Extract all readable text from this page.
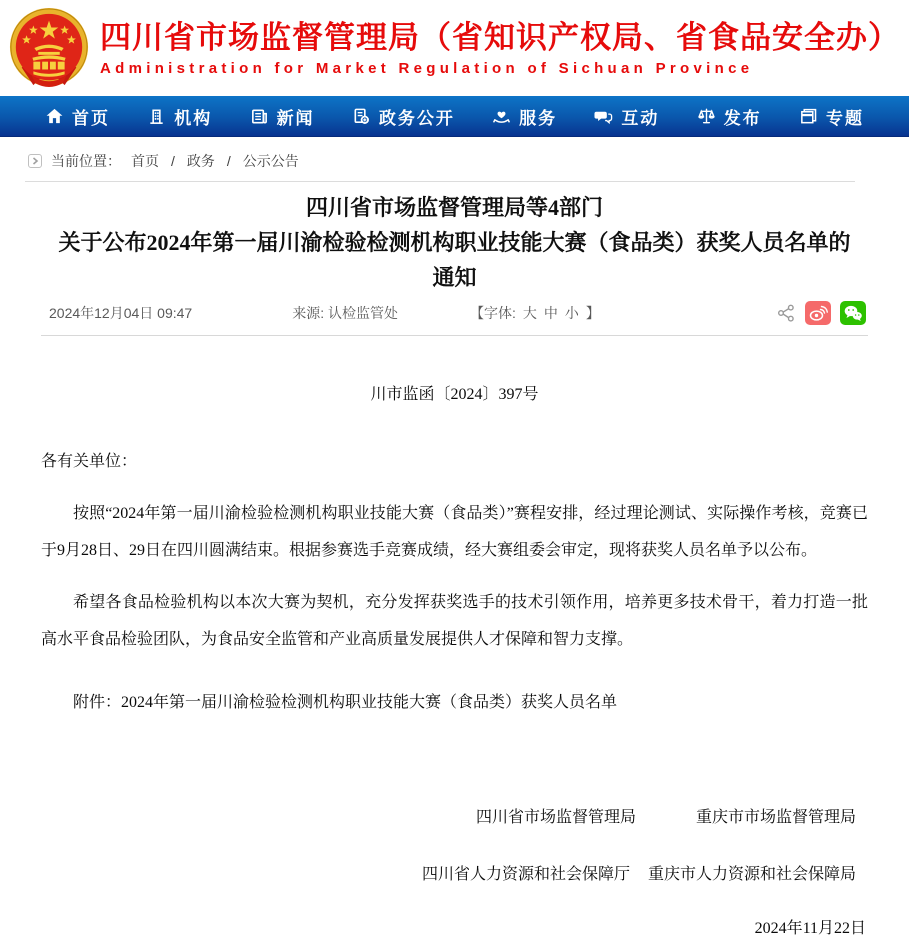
四川省市场监督管理局（省知识产权局、省食品安全办）
Administration for Market Regulation of Sichuan Province
首页	机构	新闻	政务公开	服务	互动	发布	专题
当前位置： 首页 / 政务 / 公示公告
四川省市场监督管理局等4部门
关于公布2024年第一届川渝检验检测机构职业技能大赛（食品类）获奖人员名单的
通知
2024年12月04日 09:47	来源: 认检监管处	【字体: 大 中 小 】
川市监函〔2024〕397号
各有关单位：
按照“2024年第一届川渝检验检测机构职业技能大赛（食品类）”赛程安排，经过理论测试、实际操作考核，竞赛已于9月28日、29日在四川圆满结束。根据参赛选手竞赛成绩，经大赛组委会审定，现将获奖人员名单予以公布。
希望各食品检验机构以本次大赛为契机，充分发挥获奖选手的技术引领作用，培养更多技术骨干，着力打造一批高水平食品检验团队，为食品安全监管和产业高质量发展提供人才保障和智力支撑。
附件：2024年第一届川渝检验检测机构职业技能大赛（食品类）获奖人员名单
四川省市场监督管理局	重庆市市场监督管理局
四川省人力资源和社会保障厅 重庆市人力资源和社会保障局
2024年11月22日
